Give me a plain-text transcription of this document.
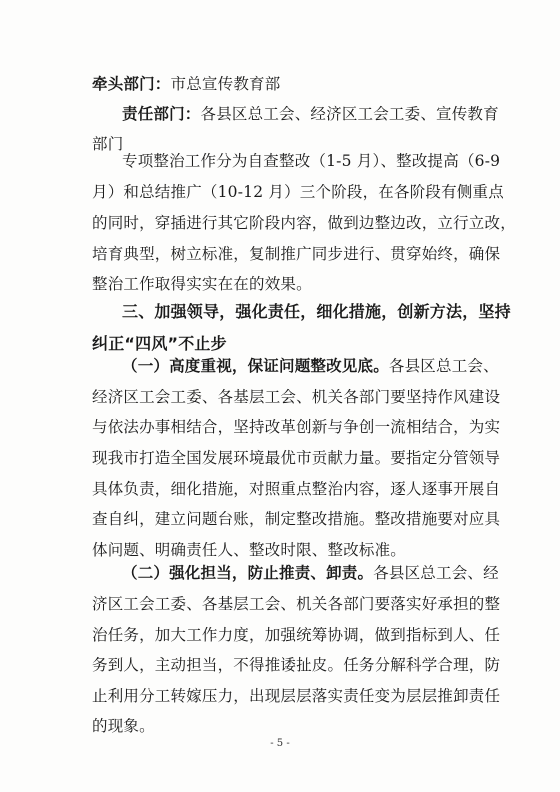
牵头部门：市总宣传教育部
责任部门：各县区总工会、经济区工会工委、宣传教育
部门
专项整治工作分为自查整改（1-5 月）、整改提高（6-9
月）和总结推广（10-12 月）三个阶段，在各阶段有侧重点
的同时，穿插进行其它阶段内容，做到边整边改，立行立改，
培育典型，树立标准，复制推广同步进行、贯穿始终，确保
整治工作取得实实在在的效果。
三、加强领导，强化责任，细化措施，创新方法，坚持
纠正“四风”不止步
（一）高度重视，保证问题整改见底。各县区总工会、
经济区工会工委、各基层工会、机关各部门要坚持作风建设
与依法办事相结合，坚持改革创新与争创一流相结合，为实
现我市打造全国发展环境最优市贡献力量。要指定分管领导
具体负责，细化措施，对照重点整治内容，逐人逐事开展自
查自纠，建立问题台账，制定整改措施。整改措施要对应具
体问题、明确责任人、整改时限、整改标准。
（二）强化担当，防止推责、卸责。各县区总工会、经
济区工会工委、各基层工会、机关各部门要落实好承担的整
治任务，加大工作力度，加强统筹协调，做到指标到人、任
务到人，主动担当，不得推诿扯皮。任务分解科学合理，防
止利用分工转嫁压力，出现层层落实责任变为层层推卸责任
的现象。
- 5 -
